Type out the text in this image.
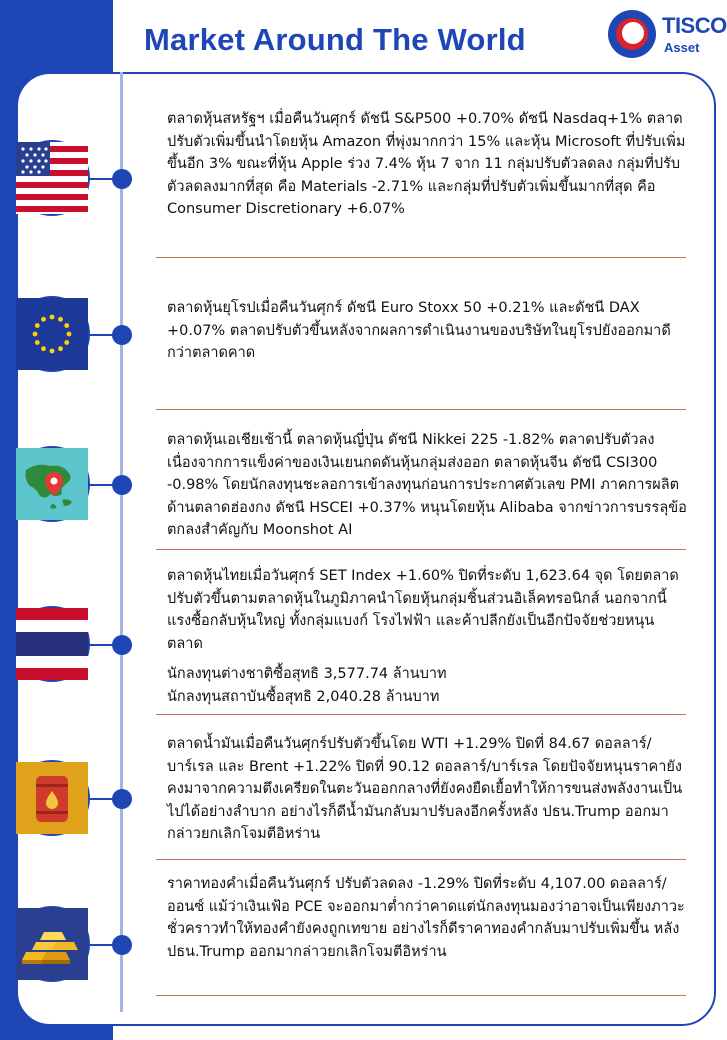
Market Around The World	TISCO
Asset

ตลาดหุ้นสหรัฐฯ เมื่อคืนวันศุกร์ ดัชนี S&P500 +0.70% ดัชนี Nasdaq+1% ตลาดปรับตัวเพิ่มขึ้นนำโดยหุ้น Amazon ที่พุ่งมากกว่า 15% และหุ้น Microsoft ที่ปรับเพิ่มขึ้นอีก 3% ขณะที่หุ้น Apple ร่วง 7.4% หุ้น 7 จาก 11 กลุ่มปรับตัวลดลง กลุ่มที่ปรับตัวลดลงมากที่สุด คือ Materials -2.71% และกลุ่มที่ปรับตัวเพิ่มขึ้นมากที่สุด คือ Consumer Discretionary +6.07%

ตลาดหุ้นยุโรปเมื่อคืนวันศุกร์ ดัชนี Euro Stoxx 50 +0.21% และดัชนี DAX +0.07% ตลาดปรับตัวขึ้นหลังจากผลการดำเนินงานของบริษัทในยุโรปยังออกมาดีกว่าตลาดคาด

ตลาดหุ้นเอเชียเช้านี้ ตลาดหุ้นญี่ปุ่น ดัชนี Nikkei 225 -1.82% ตลาดปรับตัวลงเนื่องจากการแข็งค่าของเงินเยนกดดันหุ้นกลุ่มส่งออก ตลาดหุ้นจีน ดัชนี CSI300 -0.98% โดยนักลงทุนชะลอการเข้าลงทุนก่อนการประกาศตัวเลข PMI ภาคการผลิต ด้านตลาดฮ่องกง ดัชนี HSCEI +0.37% หนุนโดยหุ้น Alibaba จากข่าวการบรรลุข้อตกลงสำคัญกับ Moonshot AI

ตลาดหุ้นไทยเมื่อวันศุกร์ SET Index +1.60% ปิดที่ระดับ 1,623.64 จุด โดยตลาดปรับตัวขึ้นตามตลาดหุ้นในภูมิภาคนำโดยหุ้นกลุ่มชิ้นส่วนอิเล็คทรอนิกส์ นอกจากนี้ แรงซื้อกลับหุ้นใหญ่ ทั้งกลุ่มแบงก์ โรงไฟฟ้า และค้าปลีกยังเป็นอีกปัจจัยช่วยหนุนตลาด

นักลงทุนต่างชาติซื้อสุทธิ 3,577.74 ล้านบาท
นักลงทุนสถาบันซื้อสุทธิ 2,040.28 ล้านบาท

ตลาดน้ำมันเมื่อคืนวันศุกร์ปรับตัวขึ้นโดย WTI +1.29% ปิดที่ 84.67 ดอลลาร์/บาร์เรล และ Brent +1.22% ปิดที่ 90.12 ดอลลาร์/บาร์เรล โดยปัจจัยหนุนราคายังคงมาจากความตึงเครียดในตะวันออกกลางที่ยังคงยืดเยื้อทำให้การขนส่งพลังงานเป็นไปได้อย่างลำบาก อย่างไรก็ดีน้ำมันกลับมาปรับลงอีกครั้งหลัง ปธน.Trump ออกมากล่าวยกเลิกโจมตีอิหร่าน

ราคาทองคำเมื่อคืนวันศุกร์ ปรับตัวลดลง -1.29% ปิดที่ระดับ 4,107.00 ดอลลาร์/ออนซ์ แม้ว่าเงินเฟ้อ PCE จะออกมาต่ำกว่าคาดแต่นักลงทุนมองว่าอาจเป็นเพียงภาวะชั่วคราวทำให้ทองคำยังคงถูกเทขาย อย่างไรก็ดีราคาทองคำกลับมาปรับเพิ่มขึ้น หลัง ปธน.Trump ออกมากล่าวยกเลิกโจมตีอิหร่าน
